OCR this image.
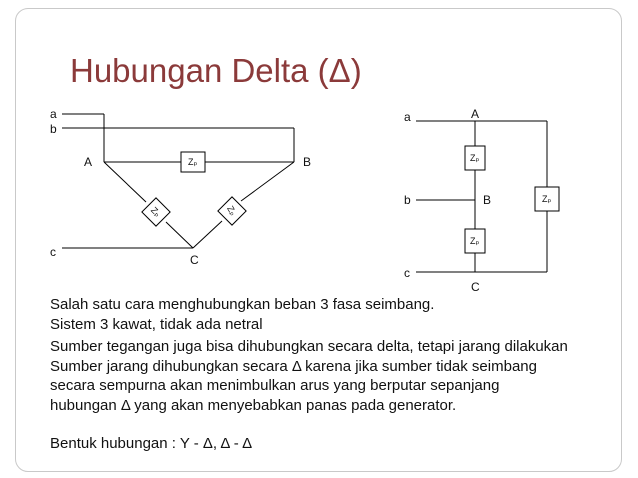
Hubungan Delta (Δ)
a
b
c
A	B
C
Zₚ
Zₚ	Zₚ
a
b
c
A
B
C
Zₚ
Zₚ
Zₚ
Salah satu cara menghubungkan beban 3 fasa seimbang.
Sistem 3 kawat, tidak ada netral
Sumber tegangan juga bisa dihubungkan secara delta, tetapi jarang dilakukan
Sumber jarang dihubungkan secara Δ karena jika sumber tidak seimbang
secara sempurna akan menimbulkan arus yang berputar sepanjang
hubungan Δ yang akan menyebabkan panas pada generator.
Bentuk hubungan : Y - Δ, Δ - Δ
